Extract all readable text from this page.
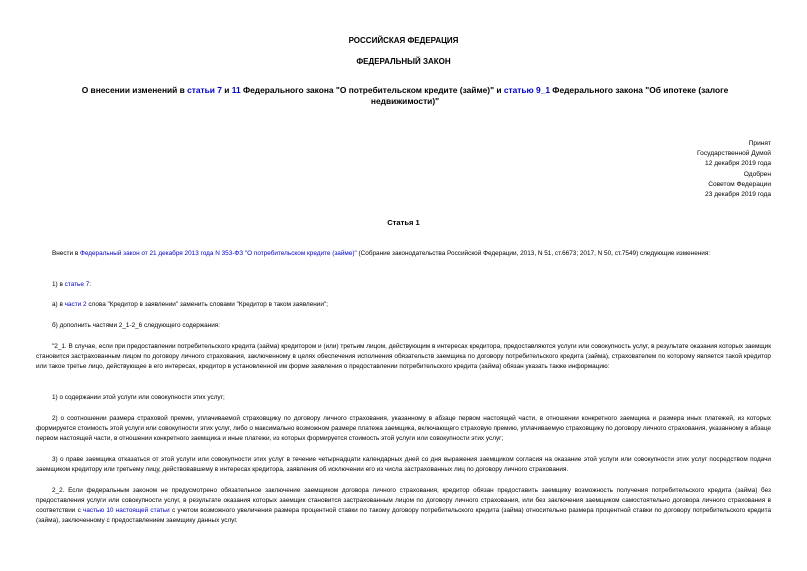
РОССИЙСКАЯ ФЕДЕРАЦИЯ
ФЕДЕРАЛЬНЫЙ ЗАКОН
О внесении изменений в статьи 7 и 11 Федерального закона "О потребительском кредите (займе)" и статью 9_1 Федерального закона "Об ипотеке (залоге недвижимости)"
Принят
Государственной Думой
12 декабря 2019 года
Одобрен
Советом Федерации
23 декабря 2019 года
Статья 1
Внести в Федеральный закон от 21 декабря 2013 года N 353-ФЗ "О потребительском кредите (займе)" (Собрание законодательства Российской Федерации, 2013, N 51, ст.6673; 2017, N 50, ст.7549) следующие изменения:
1) в статье 7:
а) в части 2 слова "Кредитор в заявлении" заменить словами "Кредитор в таком заявлении";
б) дополнить частями 2_1-2_6 следующего содержания:
"2_1. В случае, если при предоставлении потребительского кредита (займа) кредитором и (или) третьим лицом, действующим в интересах кредитора, предоставляются услуги или совокупность услуг, в результате оказания которых заемщик становится застрахованным лицом по договору личного страхования, заключенному в целях обеспечения исполнения обязательств заемщика по договору потребительского кредита (займа), страхователем по которому является такой кредитор или такое третье лицо, действующее в его интересах, кредитор в установленной им форме заявления о предоставлении потребительского кредита (займа) обязан указать также информацию:
1) о содержании этой услуги или совокупности этих услуг;
2) о соотношении размера страховой премии, уплачиваемой страховщику по договору личного страхования, указанному в абзаце первом настоящей части, в отношении конкретного заемщика и размера иных платежей, из которых формируется стоимость этой услуги или совокупности этих услуг, либо о максимально возможном размере платежа заемщика, включающего страховую премию, уплачиваемую страховщику по договору личного страхования, указанному в абзаце первом настоящей части, в отношении конкретного заемщика и иные платежи, из которых формируется стоимость этой услуги или совокупности этих услуг;
3) о праве заемщика отказаться от этой услуги или совокупности этих услуг в течение четырнадцати календарных дней со дня выражения заемщиком согласия на оказание этой услуги или совокупности этих услуг посредством подачи заемщиком кредитору или третьему лицу, действовавшему в интересах кредитора, заявления об исключении его из числа застрахованных лиц по договору личного страхования.
2_2. Если федеральным законом не предусмотрено обязательное заключение заемщиком договора личного страхования, кредитор обязан предоставить заемщику возможность получения потребительского кредита (займа) без предоставления услуги или совокупности услуг, в результате оказания которых заемщик становится застрахованным лицом по договору личного страхования, или без заключения заемщиком самостоятельно договора личного страхования в соответствии с частью 10 настоящей статьи с учетом возможного увеличения размера процентной ставки по такому договору потребительского кредита (займа) относительно размера процентной ставки по договору потребительского кредита (займа), заключенному с предоставлением заемщику данных услуг.
